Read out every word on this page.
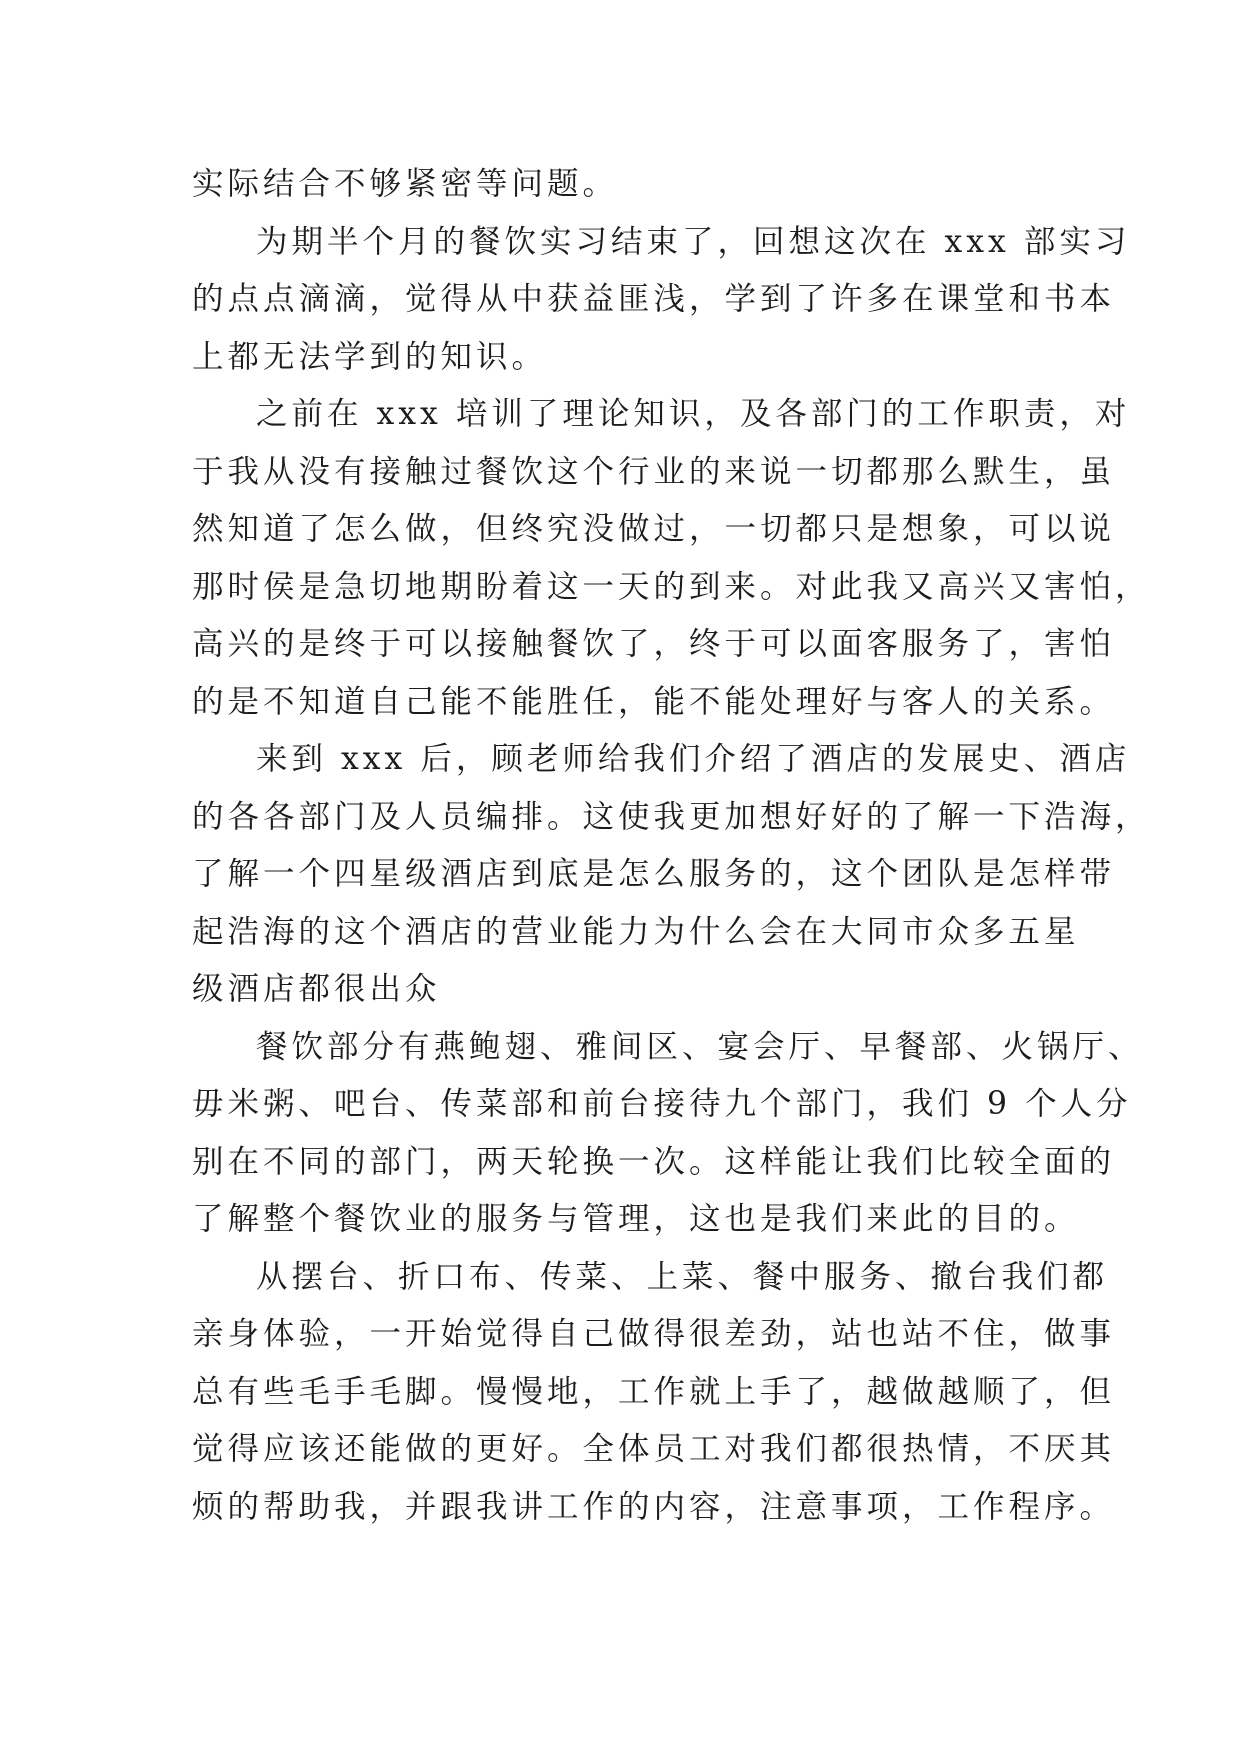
实际结合不够紧密等问题。
为期半个月的餐饮实习结束了，回想这次在 xxx 部实习
的点点滴滴，觉得从中获益匪浅，学到了许多在课堂和书本
上都无法学到的知识。
之前在 xxx 培训了理论知识，及各部门的工作职责，对
于我从没有接触过餐饮这个行业的来说一切都那么默生，虽
然知道了怎么做，但终究没做过，一切都只是想象，可以说
那时侯是急切地期盼着这一天的到来。对此我又高兴又害怕，
高兴的是终于可以接触餐饮了，终于可以面客服务了，害怕
的是不知道自己能不能胜任，能不能处理好与客人的关系。
来到 xxx 后，顾老师给我们介绍了酒店的发展史、酒店
的各各部门及人员编排。这使我更加想好好的了解一下浩海，
了解一个四星级酒店到底是怎么服务的，这个团队是怎样带
起浩海的这个酒店的营业能力为什么会在大同市众多五星
级酒店都很出众
餐饮部分有燕鲍翅、雅间区、宴会厅、早餐部、火锅厅、
毋米粥、吧台、传菜部和前台接待九个部门，我们 9 个人分
别在不同的部门，两天轮换一次。这样能让我们比较全面的
了解整个餐饮业的服务与管理，这也是我们来此的目的。
从摆台、折口布、传菜、上菜、餐中服务、撤台我们都
亲身体验，一开始觉得自己做得很差劲，站也站不住，做事
总有些毛手毛脚。慢慢地，工作就上手了，越做越顺了，但
觉得应该还能做的更好。全体员工对我们都很热情，不厌其
烦的帮助我，并跟我讲工作的内容，注意事项，工作程序。
